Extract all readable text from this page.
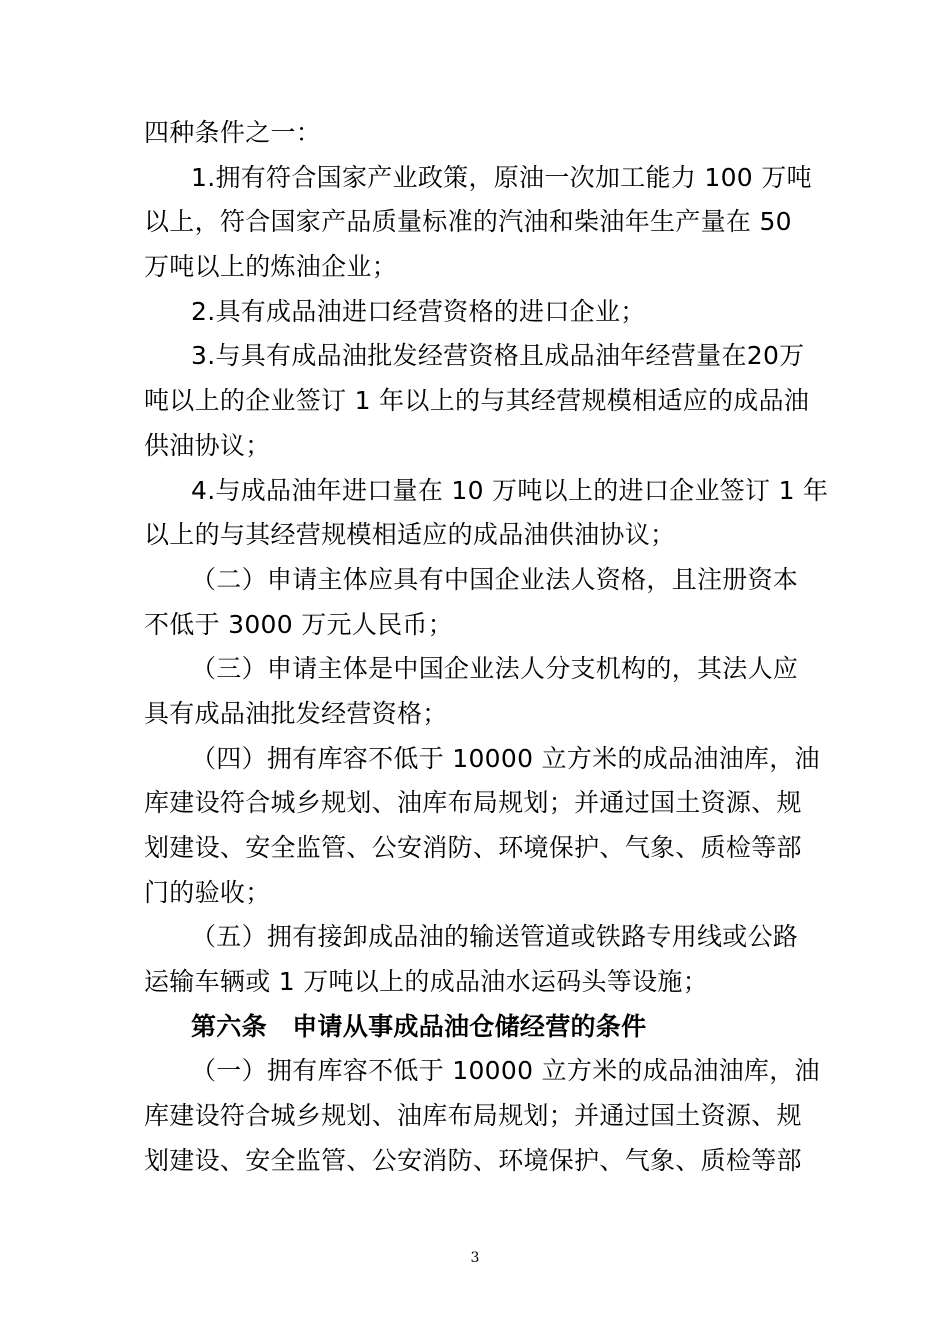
四种条件之一：
1.拥有符合国家产业政策，原油一次加工能力 100 万吨
以上，符合国家产品质量标准的汽油和柴油年生产量在 50
万吨以上的炼油企业；
2.具有成品油进口经营资格的进口企业；
3.与具有成品油批发经营资格且成品油年经营量在20万
吨以上的企业签订 1 年以上的与其经营规模相适应的成品油
供油协议；
4.与成品油年进口量在 10 万吨以上的进口企业签订 1 年
以上的与其经营规模相适应的成品油供油协议；
（二）申请主体应具有中国企业法人资格，且注册资本
不低于 3000 万元人民币；
（三）申请主体是中国企业法人分支机构的，其法人应
具有成品油批发经营资格；
（四）拥有库容不低于 10000 立方米的成品油油库，油
库建设符合城乡规划、油库布局规划；并通过国土资源、规
划建设、安全监管、公安消防、环境保护、气象、质检等部
门的验收；
（五）拥有接卸成品油的输送管道或铁路专用线或公路
运输车辆或 1 万吨以上的成品油水运码头等设施；
第六条　申请从事成品油仓储经营的条件
（一）拥有库容不低于 10000 立方米的成品油油库，油
库建设符合城乡规划、油库布局规划；并通过国土资源、规
划建设、安全监管、公安消防、环境保护、气象、质检等部
3
